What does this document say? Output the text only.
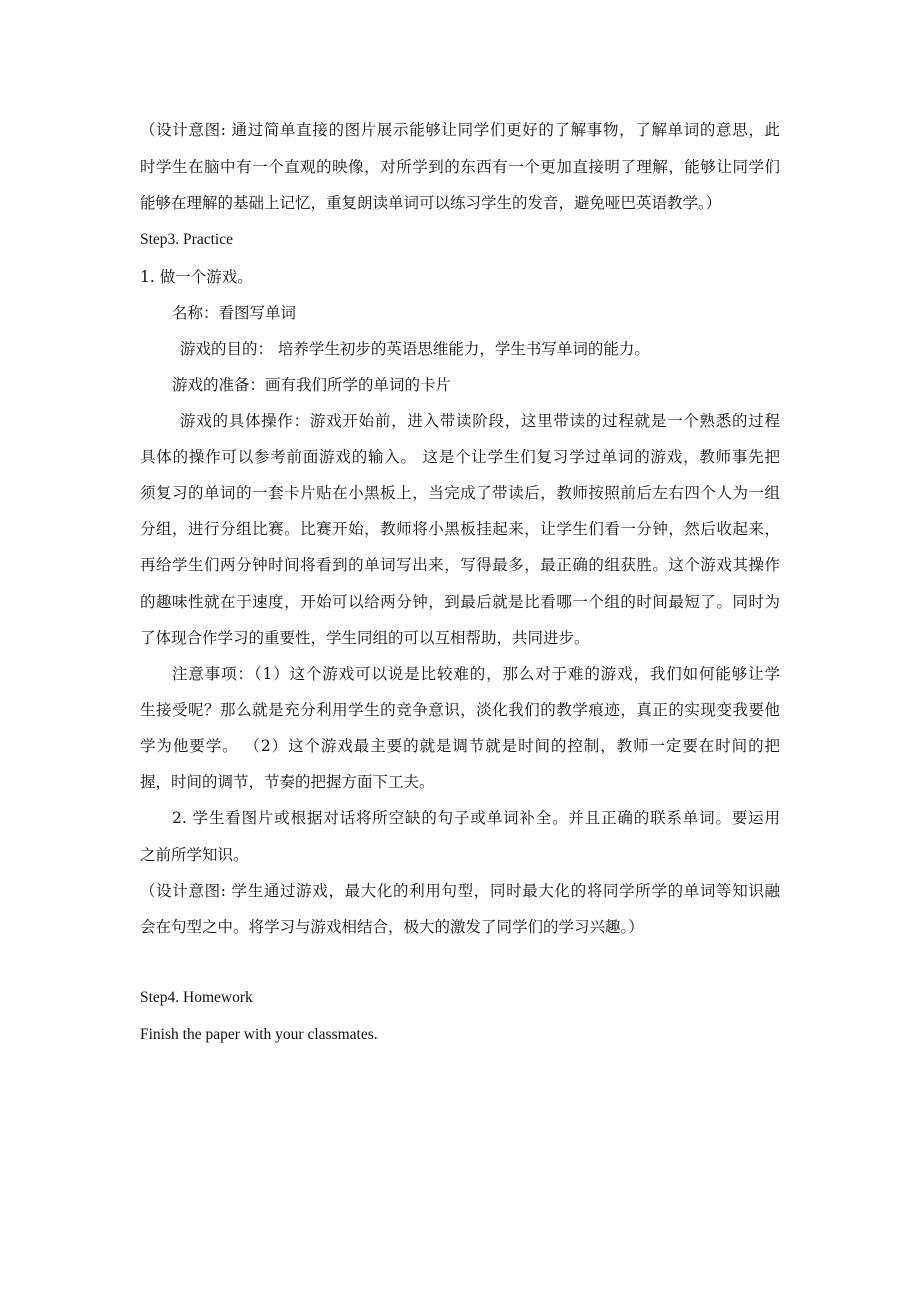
（设计意图: 通过简单直接的图片展示能够让同学们更好的了解事物，了解单词的意思，此
时学生在脑中有一个直观的映像，对所学到的东西有一个更加直接明了理解，能够让同学们
能够在理解的基础上记忆，重复朗读单词可以练习学生的发音，避免哑巴英语教学。）
Step3. Practice
1. 做一个游戏。
名称：看图写单词
游戏的目的： 培养学生初步的英语思维能力，学生书写单词的能力。
游戏的准备：画有我们所学的单词的卡片
游戏的具体操作：游戏开始前，进入带读阶段，这里带读的过程就是一个熟悉的过程
具体的操作可以参考前面游戏的输入。 这是个让学生们复习学过单词的游戏，教师事先把
须复习的单词的一套卡片贴在小黑板上，当完成了带读后，教师按照前后左右四个人为一组
分组，进行分组比赛。比赛开始，教师将小黑板挂起来，让学生们看一分钟，然后收起来，
再给学生们两分钟时间将看到的单词写出来，写得最多，最正确的组获胜。这个游戏其操作
的趣味性就在于速度，开始可以给两分钟，到最后就是比看哪一个组的时间最短了。同时为
了体现合作学习的重要性，学生同组的可以互相帮助，共同进步。
注意事项：（1）这个游戏可以说是比较难的，那么对于难的游戏，我们如何能够让学
生接受呢？那么就是充分利用学生的竞争意识，淡化我们的教学痕迹，真正的实现变我要他
学为他要学。 （2）这个游戏最主要的就是调节就是时间的控制，教师一定要在时间的把
握，时间的调节，节奏的把握方面下工夫。
2. 学生看图片或根据对话将所空缺的句子或单词补全。并且正确的联系单词。要运用
之前所学知识。
（设计意图: 学生通过游戏，最大化的利用句型，同时最大化的将同学所学的单词等知识融
会在句型之中。将学习与游戏相结合，极大的激发了同学们的学习兴趣。）
Step4. Homework
Finish the paper with your classmates.
